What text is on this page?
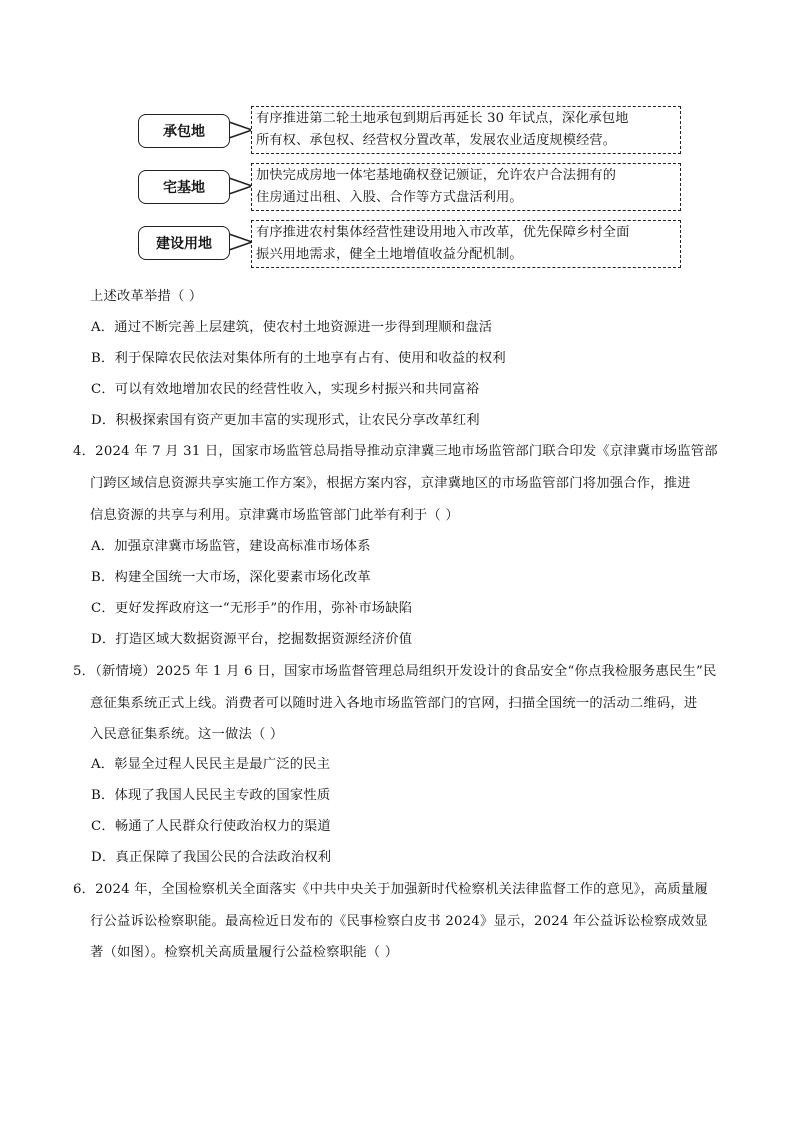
承包地
有序推进第二轮土地承包到期后再延长 30 年试点，深化承包地
所有权、承包权、经营权分置改革，发展农业适度规模经营。
宅基地
加快完成房地一体宅基地确权登记颁证，允许农户合法拥有的
住房通过出租、入股、合作等方式盘活利用。
建设用地
有序推进农村集体经营性建设用地入市改革，优先保障乡村全面
振兴用地需求，健全土地增值收益分配机制。
上述改革举措（ ）
A．通过不断完善上层建筑，使农村土地资源进一步得到理顺和盘活
B．利于保障农民依法对集体所有的土地享有占有、使用和收益的权利
C．可以有效地增加农民的经营性收入，实现乡村振兴和共同富裕
D．积极探索国有资产更加丰富的实现形式，让农民分享改革红利
4．2024 年 7 月 31 日，国家市场监管总局指导推动京津冀三地市场监管部门联合印发《京津冀市场监管部
门跨区域信息资源共享实施工作方案》，根据方案内容，京津冀地区的市场监管部门将加强合作，推进
信息资源的共享与利用。京津冀市场监管部门此举有利于（ ）
A．加强京津冀市场监管，建设高标准市场体系
B．构建全国统一大市场，深化要素市场化改革
C．更好发挥政府这一“无形手”的作用，弥补市场缺陷
D．打造区域大数据资源平台，挖掘数据资源经济价值
5．（新情境）2025 年 1 月 6 日，国家市场监督管理总局组织开发设计的食品安全“你点我检服务惠民生”民
意征集系统正式上线。消费者可以随时进入各地市场监管部门的官网，扫描全国统一的活动二维码，进
入民意征集系统。这一做法（ ）
A．彰显全过程人民民主是最广泛的民主
B．体现了我国人民民主专政的国家性质
C．畅通了人民群众行使政治权力的渠道
D．真正保障了我国公民的合法政治权利
6．2024 年，全国检察机关全面落实《中共中央关于加强新时代检察机关法律监督工作的意见》，高质量履
行公益诉讼检察职能。最高检近日发布的《民事检察白皮书 2024》显示，2024 年公益诉讼检察成效显
著（如图）。检察机关高质量履行公益检察职能（ ）
